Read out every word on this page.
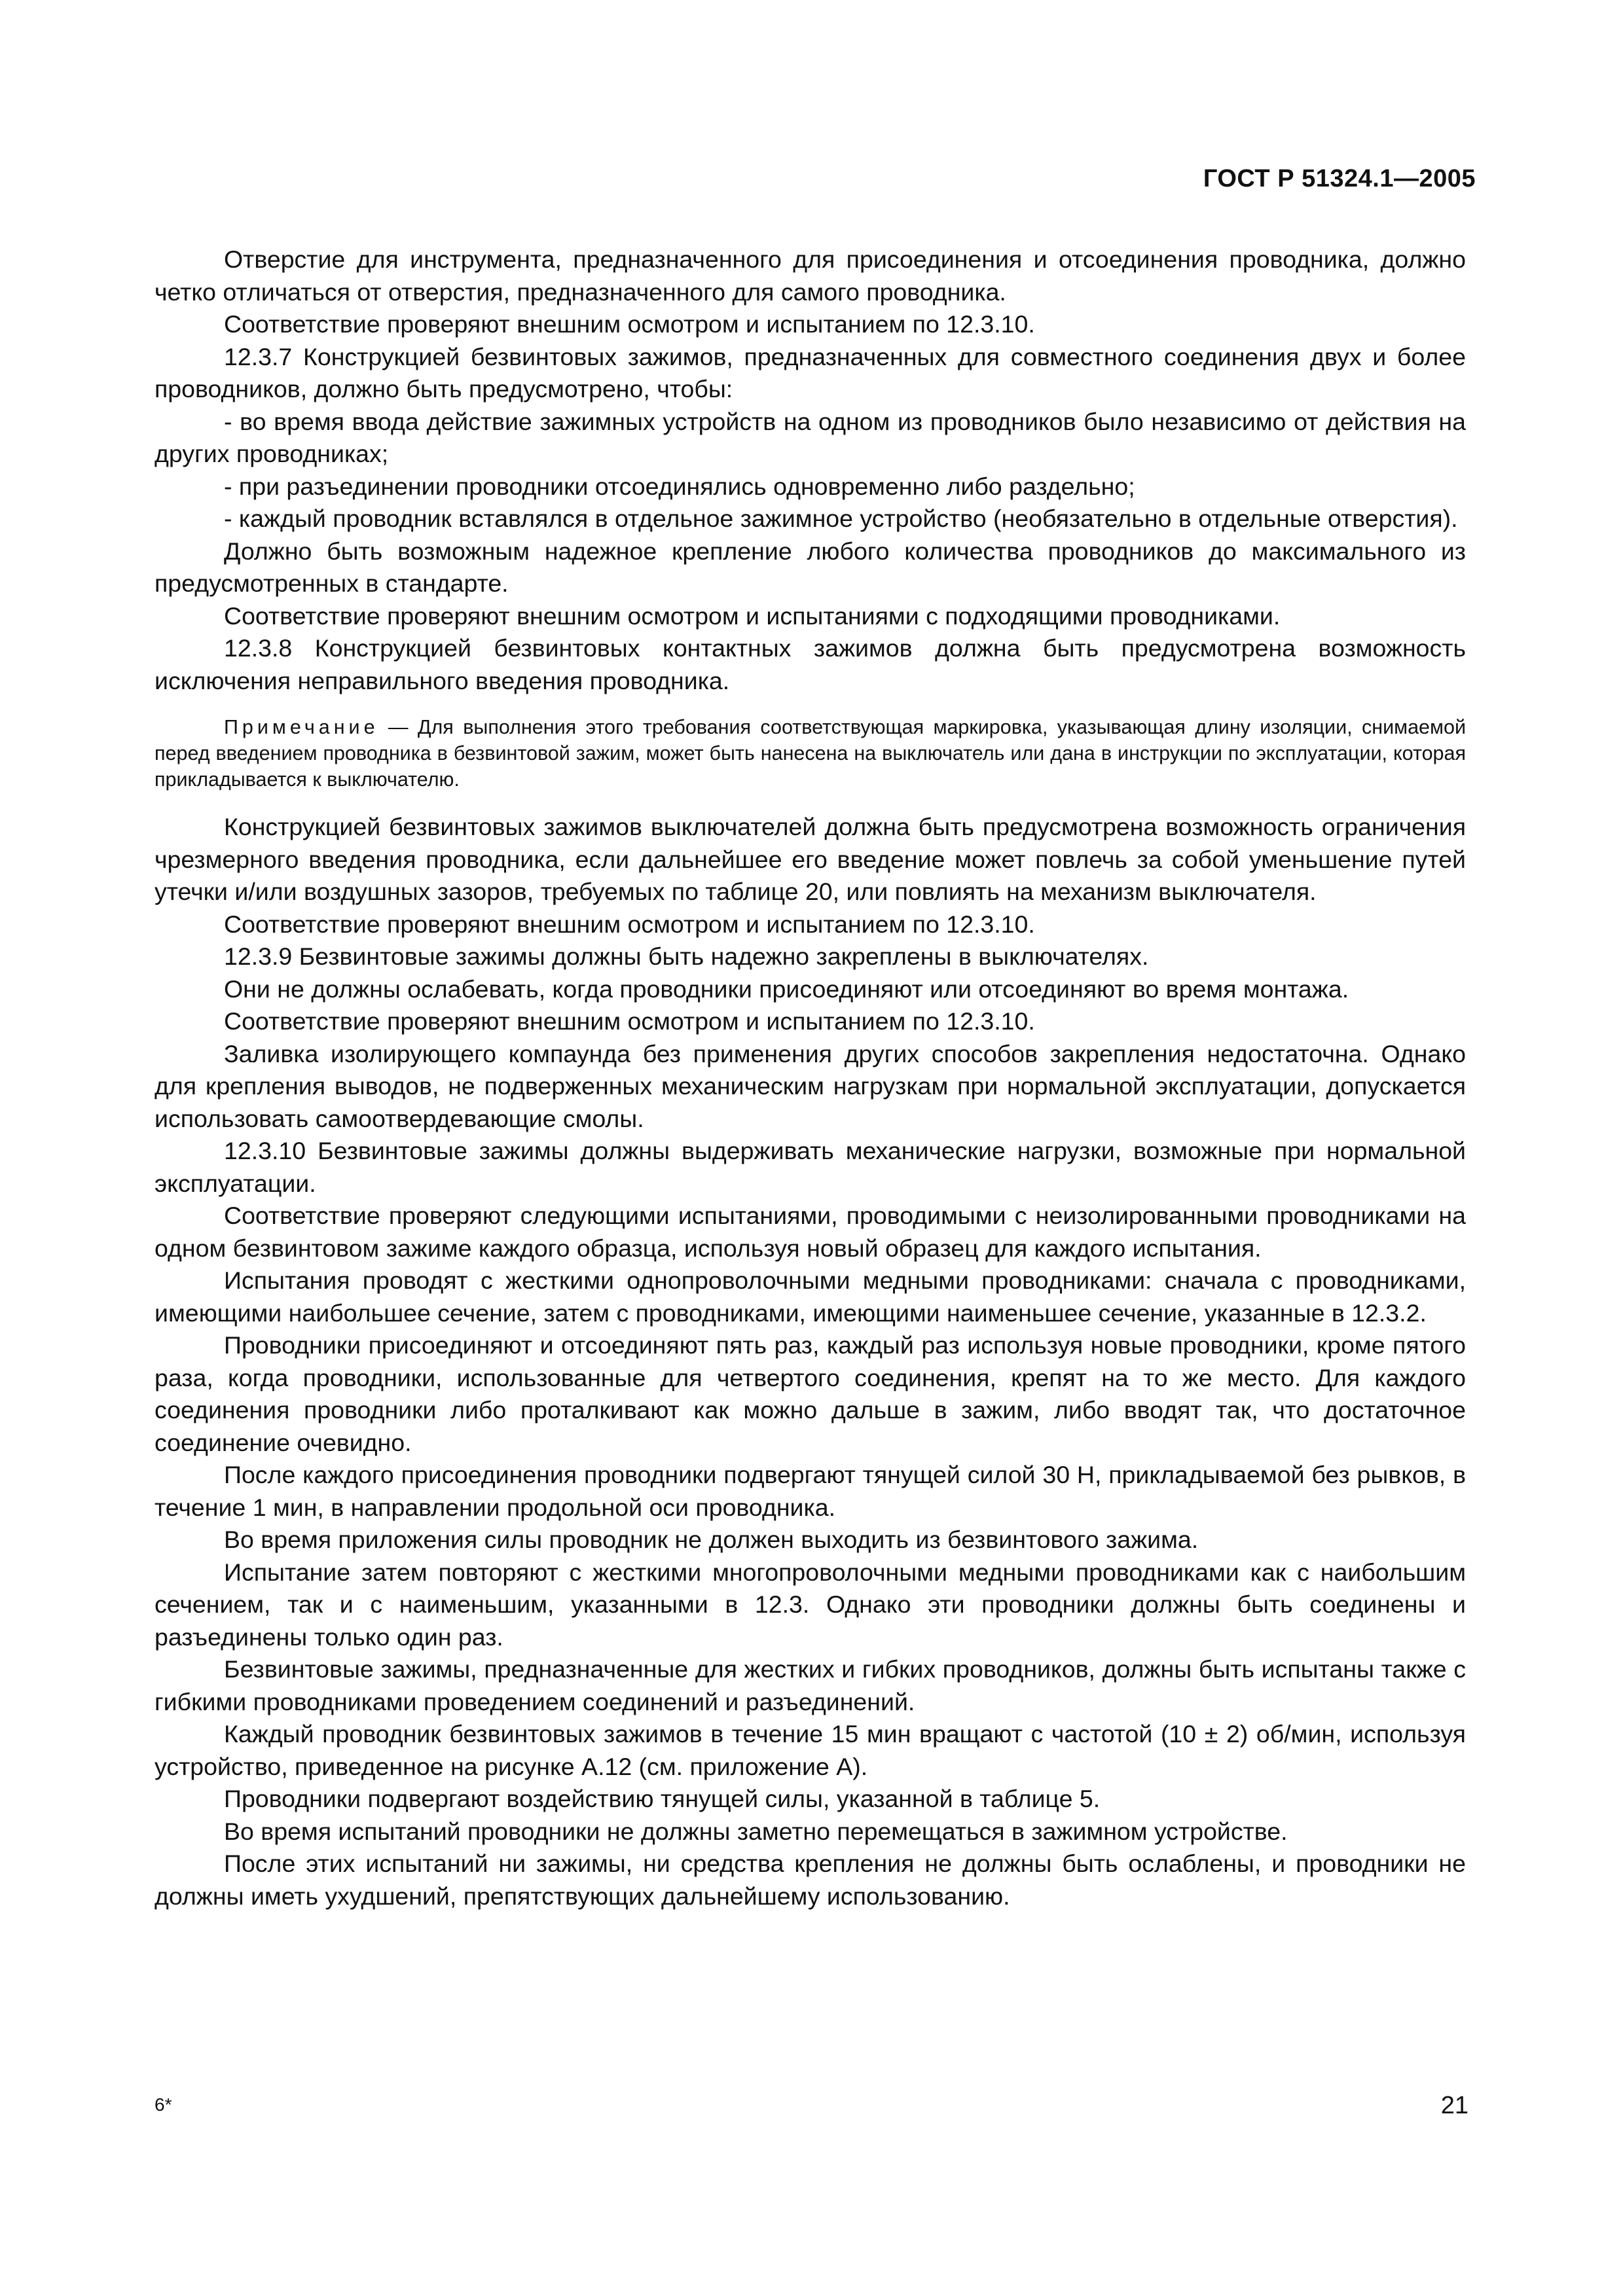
ГОСТ Р 51324.1—2005

Отверстие для инструмента, предназначенного для присоединения и отсоединения проводника, должно четко отличаться от отверстия, предназначенного для самого проводника.

Соответствие проверяют внешним осмотром и испытанием по 12.3.10.

12.3.7 Конструкцией безвинтовых зажимов, предназначенных для совместного соединения двух и более проводников, должно быть предусмотрено, чтобы:

- во время ввода действие зажимных устройств на одном из проводников было независимо от действия на других проводниках;

- при разъединении проводники отсоединялись одновременно либо раздельно;

- каждый проводник вставлялся в отдельное зажимное устройство (необязательно в отдельные отверстия).

Должно быть возможным надежное крепление любого количества проводников до максимального из предусмотренных в стандарте.

Соответствие проверяют внешним осмотром и испытаниями с подходящими проводниками.

12.3.8 Конструкцией безвинтовых контактных зажимов должна быть предусмотрена возможность исключения неправильного введения проводника.

Примечание — Для выполнения этого требования соответствующая маркировка, указывающая длину изоляции, снимаемой перед введением проводника в безвинтовой зажим, может быть нанесена на выключатель или дана в инструкции по эксплуатации, которая прикладывается к выключателю.

Конструкцией безвинтовых зажимов выключателей должна быть предусмотрена возможность ограничения чрезмерного введения проводника, если дальнейшее его введение может повлечь за собой уменьшение путей утечки и/или воздушных зазоров, требуемых по таблице 20, или повлиять на механизм выключателя.

Соответствие проверяют внешним осмотром и испытанием по 12.3.10.

12.3.9 Безвинтовые зажимы должны быть надежно закреплены в выключателях.

Они не должны ослабевать, когда проводники присоединяют или отсоединяют во время монтажа.

Соответствие проверяют внешним осмотром и испытанием по 12.3.10.

Заливка изолирующего компаунда без применения других способов закрепления недостаточна. Однако для крепления выводов, не подверженных механическим нагрузкам при нормальной эксплуатации, допускается использовать самоотвердевающие смолы.

12.3.10 Безвинтовые зажимы должны выдерживать механические нагрузки, возможные при нормальной эксплуатации.

Соответствие проверяют следующими испытаниями, проводимыми с неизолированными проводниками на одном безвинтовом зажиме каждого образца, используя новый образец для каждого испытания.

Испытания проводят с жесткими однопроволочными медными проводниками: сначала с проводниками, имеющими наибольшее сечение, затем с проводниками, имеющими наименьшее сечение, указанные в 12.3.2.

Проводники присоединяют и отсоединяют пять раз, каждый раз используя новые проводники, кроме пятого раза, когда проводники, использованные для четвертого соединения, крепят на то же место. Для каждого соединения проводники либо проталкивают как можно дальше в зажим, либо вводят так, что достаточное соединение очевидно.

После каждого присоединения проводники подвергают тянущей силой 30 Н, прикладываемой без рывков, в течение 1 мин, в направлении продольной оси проводника.

Во время приложения силы проводник не должен выходить из безвинтового зажима.

Испытание затем повторяют с жесткими многопроволочными медными проводниками как с наибольшим сечением, так и с наименьшим, указанными в 12.3. Однако эти проводники должны быть соединены и разъединены только один раз.

Безвинтовые зажимы, предназначенные для жестких и гибких проводников, должны быть испытаны также с гибкими проводниками проведением соединений и разъединений.

Каждый проводник безвинтовых зажимов в течение 15 мин вращают с частотой (10 ± 2) об/мин, используя устройство, приведенное на рисунке А.12 (см. приложение А).

Проводники подвергают воздействию тянущей силы, указанной в таблице 5.

Во время испытаний проводники не должны заметно перемещаться в зажимном устройстве.

После этих испытаний ни зажимы, ни средства крепления не должны быть ослаблены, и проводники не должны иметь ухудшений, препятствующих дальнейшему использованию.

6*	21
